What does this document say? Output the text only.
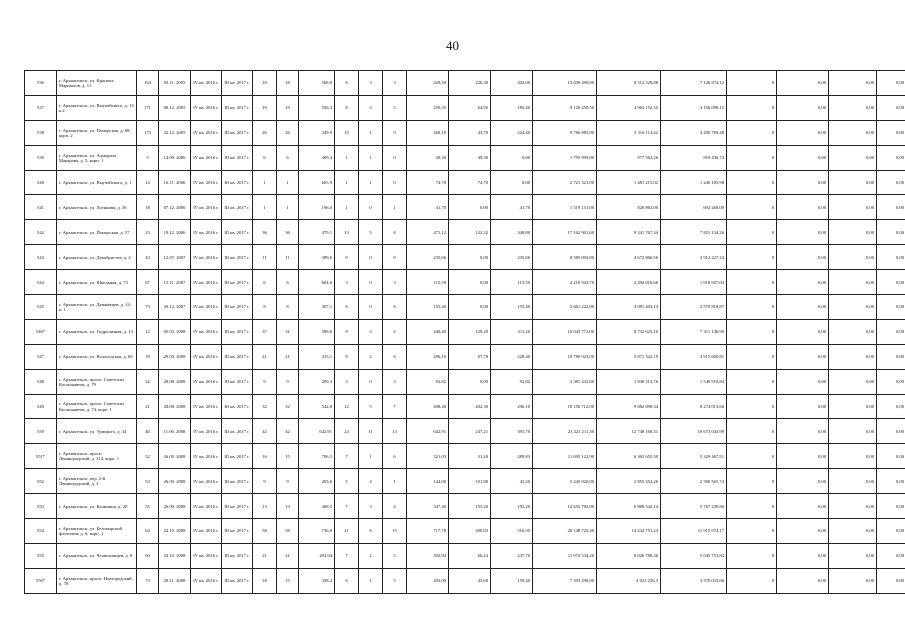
40
536	г. Архангельск, ул. Красных Маршалов, д. 11	164	03.11. 2005	IV кв. 2016 г.	III кв. 2017 г.	18	18	568,8	6	3	3	429,50	226,30	203,00	15 639 490,00	8 512 528,88	7 126 874,12	0	0,00	0,00	0,00
537	г. Архангельск, ул. Выучейского, д. 13 к.2	171	08.12. 2005	IV кв. 2016 г.	III кв. 2017 г.	19	19	556,3	8	3	5	250,35	64,95	185,40	9 120 250,50	4 964 152,35	4 156 098,15	0	0,00	0,00	0,00
538	г. Архангельск, ул. Поморская, д. 68, корп. 2	173	22.12. 2005	IV кв. 2016 г.	III кв. 2017 г.	26	26	349,9	10	1	9	268,10	43,70	224,40	9 766 883,90	5 316 114,42	4 450 769,48	0	0,00	0,00	0,00
539	г. Архангельск, ул. Адмирала Макарова, д. 5, корп. 1	5	14.09. 2006	IV кв. 2016 г.	III кв. 2017 г.	6	6	409,4	1	1	0	49,30	49,30	0,00	1 795 999,00	977 562,26	818 436,74	0	0,00	0,00	0,00
540	г. Архангельск, ул. Выучейского, д. 1	14	16.11. 2006	IV кв. 2016 г.	III кв. 2017 г.	1	1	665,9	1	1	0	74,70	74,70	0,00	2 721 321,00	1 481 215,02	1 240 105,98	0	0,00	0,00	0,00
541	г. Архангельск, ул. Логинова, д. 36	18	07.12. 2006	IV кв. 2016 г.	III кв. 2017 г.	1	1	196,0	1	0	1	41,70	0,00	41,70	1 519 131,00	826 863,00	692 268,00	0	0,00	0,00	0,00
542	г. Архангельск, ул. Поморская, д. 57	23	19.12. 2006	IV кв. 2016 г.	III кв. 2017 г.	36	36	479,1	13	5	8	471,12	122,32	348,80	17 162 901,60	9 341 767,34	7 821 134,26	0	0,00	0,00	0,00
543	г. Архангельск, ул. Декабристов, д. 2	43	12.07. 2007	IV кв. 2016 г.	III кв. 2017 г.	11	11	389,6	9	0	9	235,66	0,00	235,66	8 585 093,80	4 672 866,56	3 912 227,24	0	0,00	0,00	0,00
544	г. Архангельск, ул. Школьная, д. 73	67	15.11. 2007	IV кв. 2016 г.	III кв. 2017 г.	6	6	604,6	3	0	3	115,59	0,00	115,59	4 210 943,70	2 292 016,66	1 918 927,04	0	0,00	0,00	0,00
545	г. Архангельск, ул. Дежнёвцев, д. 14, к. 1	73	20.12. 2007	IV кв. 2016 г.	III кв. 2017 г.	8	8	307,1	6	0	6	155,40	0,00	155,40	5 661 222,00	3 081 403,13	2 579 818,87	0	0,00	0,00	0,00
546*	г. Архангельск, ул. Гидролизная, д. 13	12	05.03. 2008	IV кв. 2016 г.	III кв. 2017 г.	37	31	588,6	9	3	6	440,40	129,20	311,20	16 043 772,00	8 732 625,10	7 311 146,90	0	0,00	0,00	0,00
547	г. Архангельск, ул. Вологодская, д. 69	19	29.03. 2008	IV кв. 2016 г.	III кв. 2017 г.	21	21	415,1	8	2	6	296,10	67,70	228,40	10 786 923,00	5 871 322,19	4 915 600,81	0	0,00	0,00	0,00
548	г. Архангельск, просп. Советских Космонавтов, д. 79	22	28.08. 2008	IV кв. 2016 г.	III кв. 2017 г.	9	9	209,3	3	0	3	92,82	0,00	92,82	3 381 432,60	1 840 513,76	1 540 918,84	0	0,00	0,00	0,00
549	г. Архангельск, просп. Советских Космонавтов, д. 74, корп. 1	21	28.08. 2008	IV кв. 2016 г.	III кв. 2017 г.	32	32	542,8	12	5	7	498,40	202,30	296,10	18 156 712,00	9 882 698,34	8 274 013,66	0	0,00	0,00	0,00
550	г. Архангельск, ул. Урицкого, д. 34	40	11.06. 2008	IV кв. 2016 г.	III кв. 2017 г.	42	42	642,91	24	11	13	642,91	247,21	395,70	23 421 211,30	12 748 168,31	10 673 043,99	0	0,00	0,00	0,00
551*	г. Архангельск, просп. Ленинградский, д. 314, корп. 1	52	26.09. 2008	IV кв. 2016 г.	III кв. 2017 г.	16	15	706,5	7	1	6	321,03	31,20	289,83	11 695 122,90	6 365 655,39	5 329 467,51	0	0,00	0,00	0,00
552	г. Архангельск, пер. 2-й Ленинградский, д. 3	53	26.09. 2008	IV кв. 2016 г.	III кв. 2017 г.	9	9	203,6	5	4	1	144,00	101,80	42,20	5 245 920,00	2 855 354,26	2 390 565,74	0	0,00	0,00	0,00
553	г. Архангельск, ул. Калинина, д. 20	55	26.09. 2008	IV кв. 2016 г.	III кв. 2017 г.	13	13	408,5	7	3	4	347,40	155,20	192,20	12 655 782,00	6 888 542,14	5 767 239,86	0	0,00	0,00	0,00
554	г. Архангельск, ул. Беломорской флотилии, д. 6, корп. 1	64	24.10. 2008	IV кв. 2016 г.	III кв. 2017 г.	58	58	736,8	21	6	15	717,78	200,83	516,95	26 148 725,40	14 232 751,23	11 915 974,17	0	0,00	0,00	0,00
555	г. Архангельск, ул. Челюскинцев, д. 8	60	24.10. 2008	IV кв. 2016 г.	III кв. 2017 г.	21	21	203,94	7	2	5	303,94	66,24	237,70	11 072 534,20	6 026 780,36	5 045 753,84	0	0,00	0,00	0,00
556*	г. Архангельск, просп. Новгородский, д. 78	73	28.11. 2008	IV кв. 2016 г.	III кв. 2017 г.	18	15	338,4	6	1	5	203,00	43,60	159,40	7 393 290,00	4 025 256,3	3 370 033,66	0	0,00	0,00	0,00
